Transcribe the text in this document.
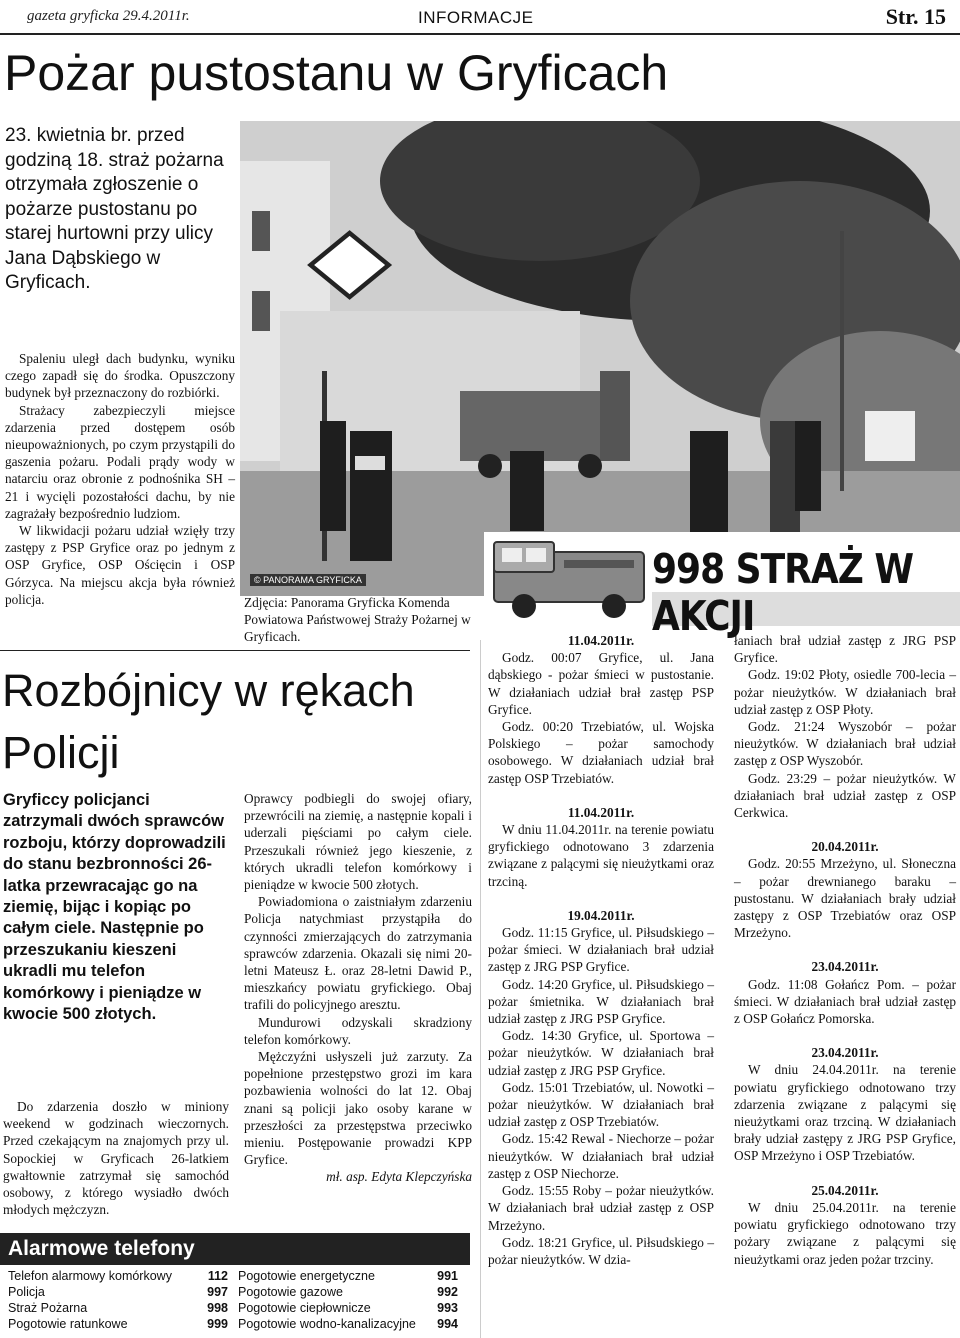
gazeta gryficka 29.4.2011r.	INFORMACJE	Str. 15
Pożar pustostanu w Gryficach
23. kwietnia br. przed godziną 18. straż pożarna otrzymała zgłoszenie o pożarze pustostanu po starej hurtowni przy ulicy Jana Dąbskiego w Gryficach.

Spaleniu uległ dach budynku, wyniku czego zapadł się do środka. Opuszczony budynek był przeznaczony do rozbiórki.

Strażacy zabezpieczyli miejsce zdarzenia przed dostępem osób nieupoważnionych, po czym przystąpili do gaszenia pożaru. Podali prądy wody w natarciu oraz obronie z podnośnika SH – 21 i wycięli pozostałości dachu, by nie zagrażały bezpośrednio ludziom.

W likwidacji pożaru udział wzięły trzy zastępy z PSP Gryfice oraz po jednym z OSP Gryfice, OSP Ościęcin i OSP Górzyca. Na miejscu akcja była również policja.

© PANORAMA GRYFICKA
Zdjęcia: Panorama Gryficka Komenda Powiatowa Państwowej Straży Pożarnej w Gryficach.
Rozbójnicy w rękach Policji
Gryficcy policjanci zatrzymali dwóch sprawców rozboju, którzy doprowadzili do stanu bezbronności 26-latka przewracając go na ziemię, bijąc i kopiąc po całym ciele. Następnie po przeszukaniu kieszeni ukradli mu telefon komórkowy i pieniądze w kwocie 500 złotych.

Do zdarzenia doszło w miniony weekend w godzinach wieczornych. Przed czekającym na znajomych przy ul. Sopockiej w Gryficach 26-latkiem gwałtownie zatrzymał się samochód osobowy, z którego wysiadło dwóch młodych mężczyzn.

Oprawcy podbiegli do swojej ofiary, przewrócili na ziemię, a następnie kopali i uderzali pięściami po całym ciele. Przeszukali również jego kieszenie, z których ukradli telefon komórkowy i pieniądze w kwocie 500 złotych.

Powiadomiona o zaistniałym zdarzeniu Policja natychmiast przystąpiła do czynności zmierzających do zatrzymania sprawców zdarzenia. Okazali się nimi 20-letni Mateusz Ł. oraz 28-letni Dawid P., mieszkańcy powiatu gryfickiego. Obaj trafili do policyjnego aresztu.

Mundurowi odzyskali skradziony telefon komórkowy.

Mężczyźni usłyszeli już zarzuty. Za popełnione przestępstwo grozi im kara pozbawienia wolności do lat 12. Obaj znani są policji jako osoby karane w przeszłości za przestępstwa przeciwko mieniu. Postępowanie prowadzi KPP Gryfice.

mł. asp. Edyta Klepczyńska

Alarmowe telefony
Telefon alarmowy komórkowy	112
Policja	997
Straż Pożarna	998
Pogotowie ratunkowe	999
Pogotowie energetyczne	991
Pogotowie gazowe	992
Pogotowie ciepłownicze	993
Pogotowie wodno-kanalizacyjne 994
998 STRAŻ W AKCJI

11.04.2011r.

Godz. 00:07 Gryfice, ul. Jana dąbskiego - pożar śmieci w pustostanie. W działaniach udział brał zastęp PSP Gryfice.

Godz. 00:20 Trzebiatów, ul. Wojska Polskiego – pożar samochody osobowego. W działaniach udział brał zastęp OSP Trzebiatów.

11.04.2011r.

W dniu 11.04.2011r. na terenie powiatu gryfickiego odnotowano 3 zdarzenia związane z palącymi się nieużytkami oraz trzciną.

19.04.2011r.

Godz. 11:15 Gryfice, ul. Piłsudskiego – pożar śmieci. W działaniach brał udział zastęp z JRG PSP Gryfice.

Godz. 14:20 Gryfice, ul. Piłsudskiego – pożar śmietnika. W działaniach brał udział zastęp z JRG PSP Gryfice.

Godz. 14:30 Gryfice, ul. Sportowa – pożar nieużytków. W działaniach brał udział zastęp z JRG PSP Gryfice.

Godz. 15:01 Trzebiatów, ul. Nowotki – pożar nieużytków. W działaniach brał udział zastęp z OSP Trzebiatów.

Godz. 15:42 Rewal - Niechorze – pożar nieużytków. W działaniach brał udział zastęp z OSP Niechorze.

Godz. 15:55 Roby – pożar nieużytków. W działaniach brał udział zastęp z OSP Mrzeżyno.

Godz. 18:21 Gryfice, ul. Piłsudskiego – pożar nieużytków. W dzia-

łaniach brał udział zastęp z JRG PSP Gryfice.

Godz. 19:02 Płoty, osiedle 700-lecia – pożar nieużytków. W działaniach brał udział zastęp z OSP Płoty.

Godz. 21:24 Wyszobór – pożar nieużytków. W działaniach brał udział zastęp z OSP Wyszobór.

Godz. 23:29 – pożar nieużytków. W działaniach brał udział zastęp z OSP Cerkwica.

20.04.2011r.

Godz. 20:55 Mrzeżyno, ul. Słoneczna – pożar drewnianego baraku – pustostanu. W działaniach brały udział zastępy z OSP Trzebiatów oraz OSP Mrzeżyno.

23.04.2011r.

Godz. 11:08 Gołańcz Pom. – pożar śmieci. W działaniach brał udział zastęp z OSP Gołańcz Pomorska.

23.04.2011r.

W dniu 24.04.2011r. na terenie powiatu gryfickiego odnotowano trzy zdarzenia związane z palącymi się nieużytkami oraz trzciną. W działaniach brały udział zastępy z JRG PSP Gryfice, OSP Mrzeżyno i OSP Trzebiatów.

25.04.2011r.

W dniu 25.04.2011r. na terenie powiatu gryfickiego odnotowano trzy pożary związane z palącymi się nieużytkami oraz jeden pożar trzciny.
